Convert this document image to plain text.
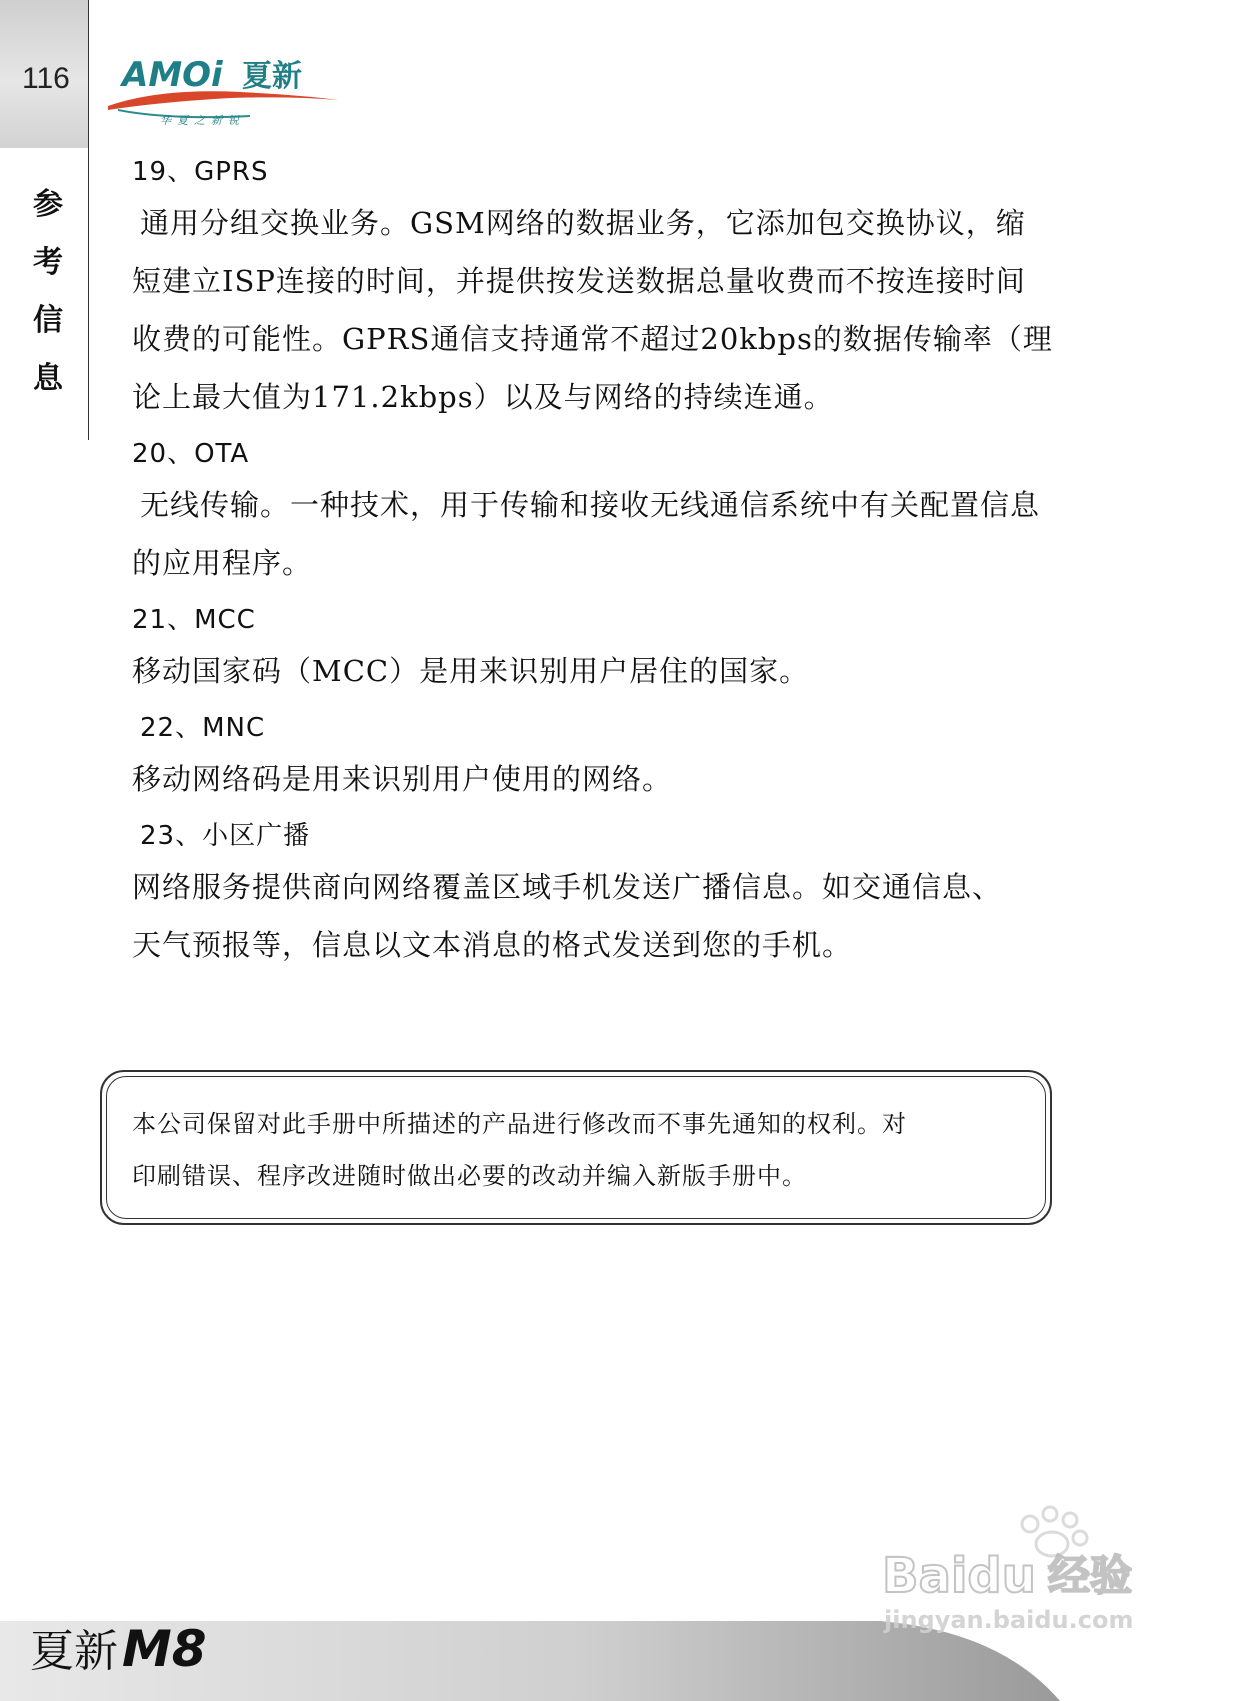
116
参考信息
AMOi 夏新
华夏之新锐
19、GPRS
通用分组交换业务。GSM网络的数据业务，它添加包交换协议，缩
短建立ISP连接的时间，并提供按发送数据总量收费而不按连接时间
收费的可能性。GPRS通信支持通常不超过20kbps的数据传输率（理
论上最大值为171.2kbps）以及与网络的持续连通。
20、OTA
无线传输。一种技术，用于传输和接收无线通信系统中有关配置信息
的应用程序。
21、MCC
移动国家码（MCC）是用来识别用户居住的国家。
22、MNC
移动网络码是用来识别用户使用的网络。
23、小区广播
网络服务提供商向网络覆盖区域手机发送广播信息。如交通信息、
天气预报等，信息以文本消息的格式发送到您的手机。
本公司保留对此手册中所描述的产品进行修改而不事先通知的权利。对
印刷错误、程序改进随时做出必要的改动并编入新版手册中。
夏新M8
Baidu 经验
jingyan.baidu.com
